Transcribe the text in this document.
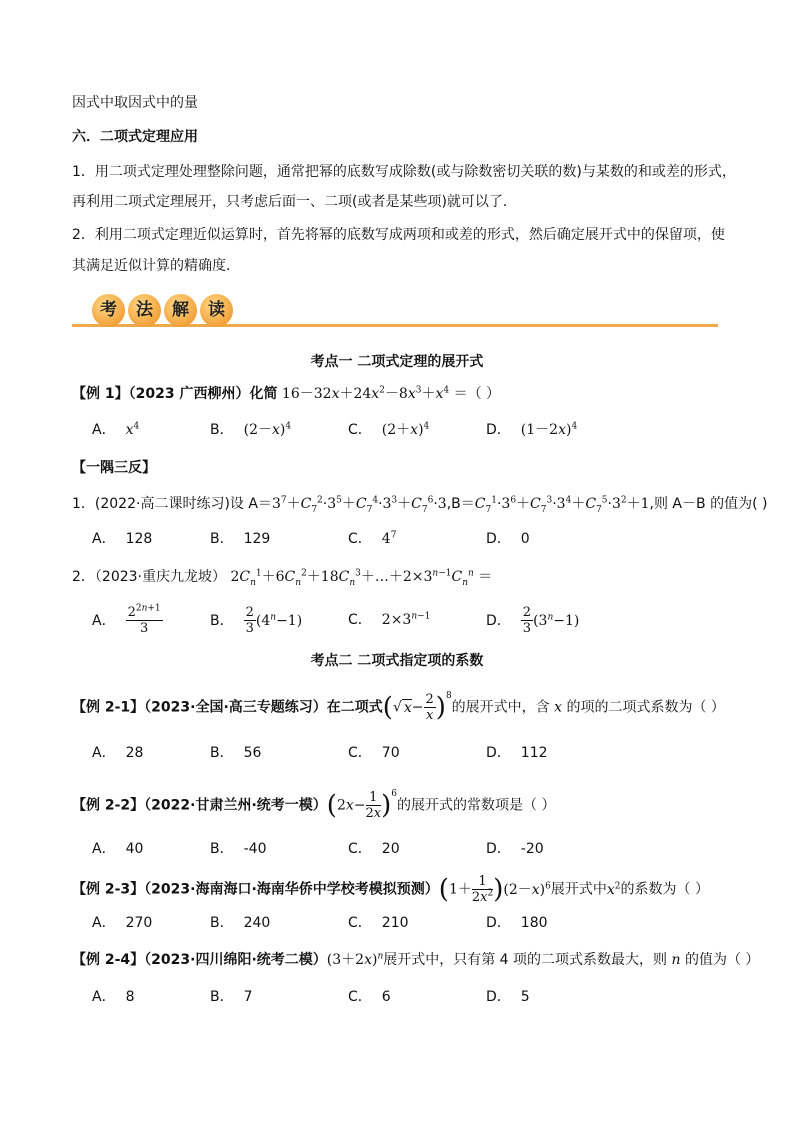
因式中取因式中的量
六．二项式定理应用
1．用二项式定理处理整除问题，通常把幂的底数写成除数(或与除数密切关联的数)与某数的和或差的形式，
再利用二项式定理展开，只考虑后面一、二项(或者是某些项)就可以了．
2．利用二项式定理近似运算时，首先将幂的底数写成两项和或差的形式，然后确定展开式中的保留项，使
其满足近似计算的精确度．
考	法	解	读
考点一 二项式定理的展开式
【例 1】（2023 广西柳州）化简 $16-32x+24x^2-8x^3+x^4$ ＝（ ）
A． $x^4$	B． $(2-x)^4$	C． $(2+x)^4$	D． $(1-2x)^4$
【一隅三反】
1．(2022·高二课时练习)设 $A=3^7+C_7^2\cdot 3^5+C_7^4\cdot 3^3+C_7^6\cdot 3,B=C_7^1\cdot 3^6+C_7^3\cdot 3^4+C_7^5\cdot 3^2+1$,则 A－B 的值为( )
A． 128	B． 129	C． $4^7$	D． 0
2．（2023·重庆九龙坡） $2C_n^1+6C_n^2+18C_n^3+\dots+2\times 3^{n-1}C_n^n$ ＝
A． $\frac{2^{2n+1}}{3}$	B． $\frac{2}{3} (4^n-1)$	C． $2\times 3^{n-1}$	D． $\frac{2}{3} (3^n-1)$
考点二 二项式指定项的系数
【例 2-1】（2023·全国·高三专题练习）在二项式(√ $x- \frac{2}{x} )^8$的展开式中，含 x 的项的二项式系数为（ ）
A． 28	B． 56	C． 70	D． 112
【例 2-2】（2022·甘肃兰州·统考一模）$(2x- \frac{1}{2x} )^6$的展开式的常数项是（ ）
A． 40	B． -40	C． 20	D． -20
【例 2-3】（2023·海南海口·海南华侨中学校考模拟预测）$(1+ \frac{1}{2x^2} )(2-x)^6$展开式中$x^2$的系数为（ ）
A． 270	B． 240	C． 210	D． 180
【例 2-4】（2023·四川绵阳·统考二模）$(3+2x)^n$展开式中，只有第 4 项的二项式系数最大，则 n 的值为（ ）
A． 8	B． 7	C． 6	D． 5
